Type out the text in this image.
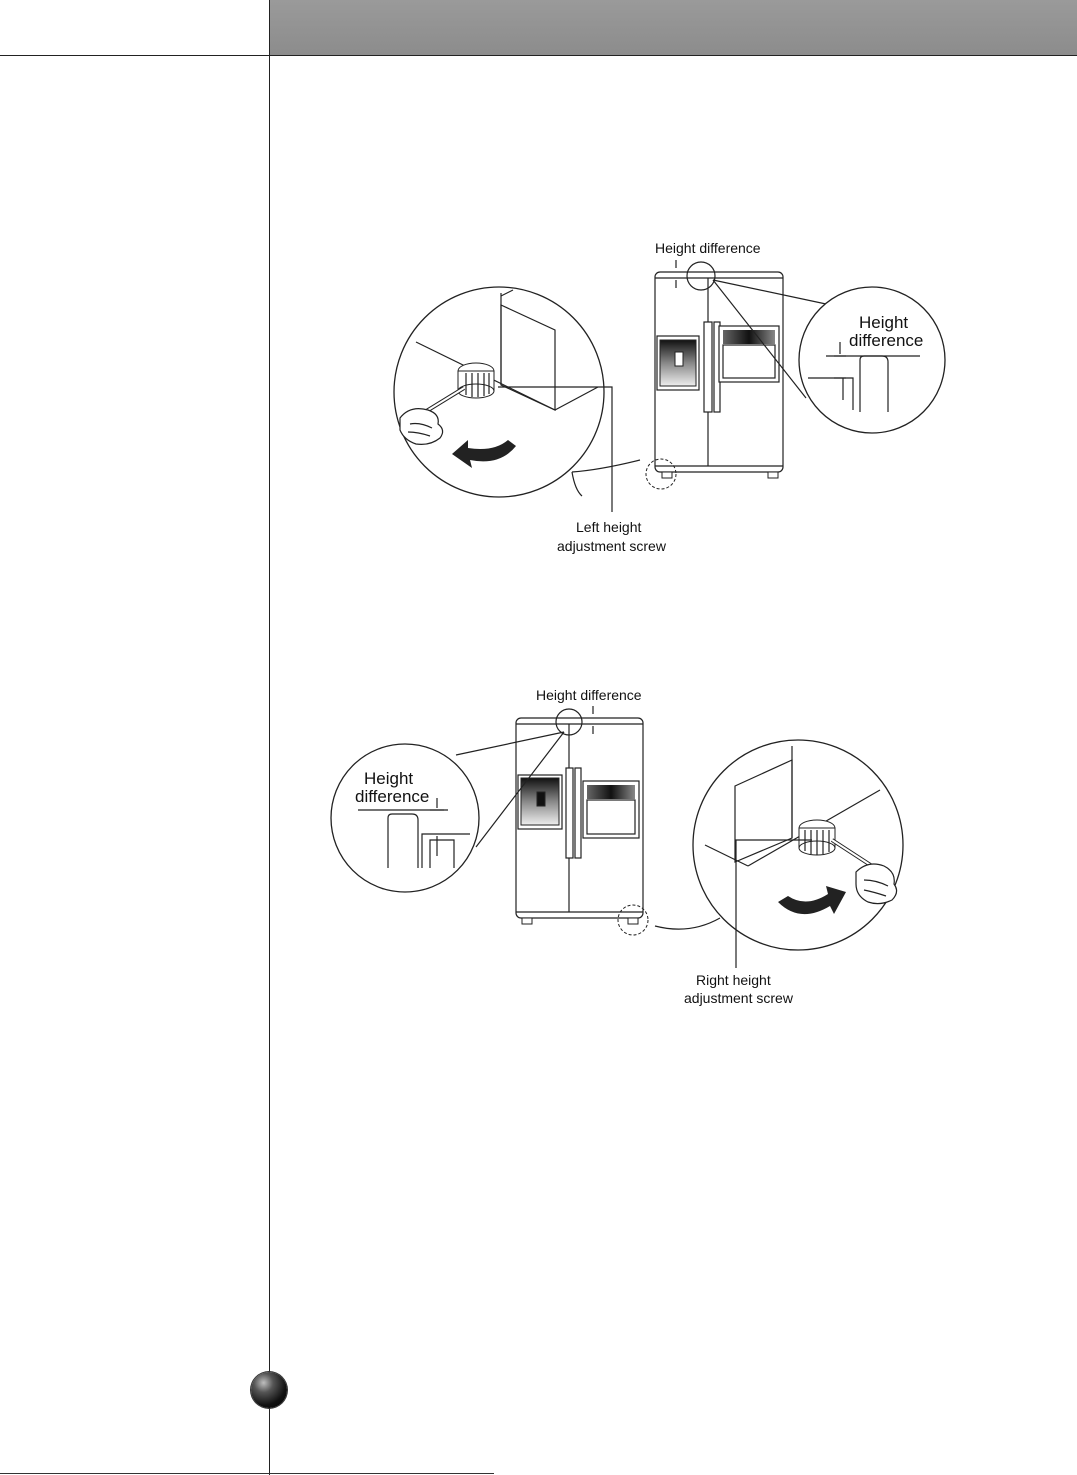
Height difference
Height
difference
Left height
adjustment screw
Height difference
Height
difference
Right height
adjustment screw
